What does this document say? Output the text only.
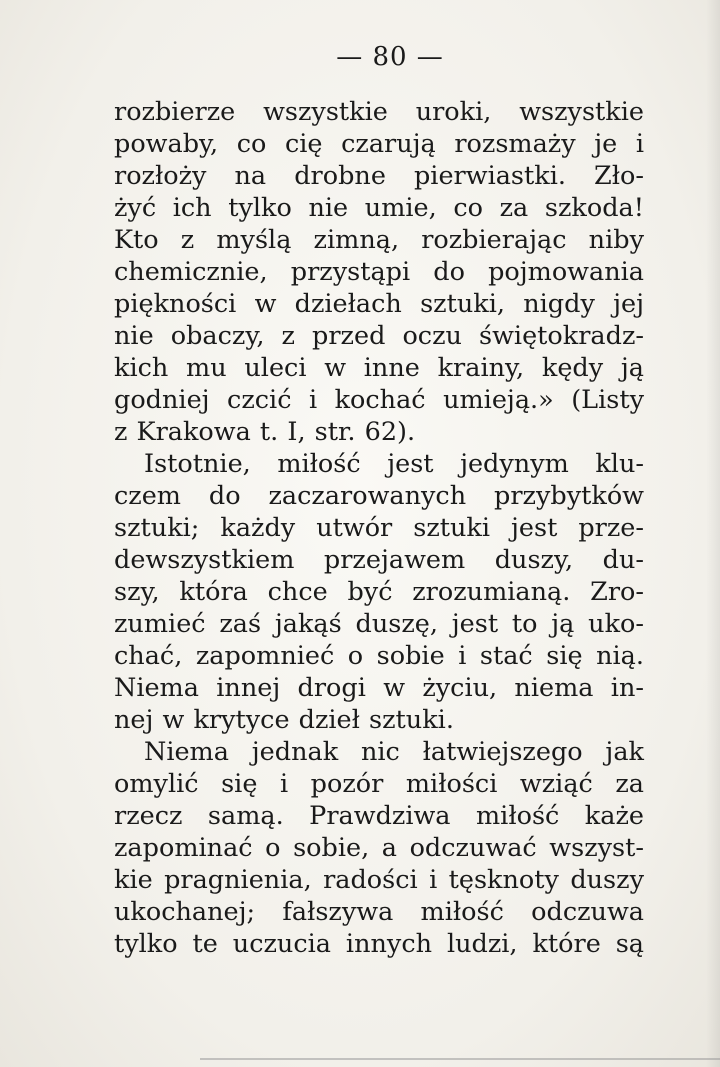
— 80 —
rozbierze wszystkie uroki, wszystkie
powaby, co cię czarują rozsmaży je i
rozłoży na drobne pierwiastki. Zło-
żyć ich tylko nie umie, co za szkoda!
Kto z myślą zimną, rozbierając niby
chemicznie, przystąpi do pojmowania
piękności w dziełach sztuki, nigdy jej
nie obaczy, z przed oczu świętokradz-
kich mu uleci w inne krainy, kędy ją
godniej czcić i kochać umieją.» (Listy
z Krakowa t. I, str. 62).
Istotnie, miłość jest jedynym klu-
czem do zaczarowanych przybytków
sztuki; każdy utwór sztuki jest prze-
dewszystkiem przejawem duszy, du-
szy, która chce być zrozumianą. Zro-
zumieć zaś jakąś duszę, jest to ją uko-
chać, zapomnieć o sobie i stać się nią.
Niema innej drogi w życiu, niema in-
nej w krytyce dzieł sztuki.
Niema jednak nic łatwiejszego jak
omylić się i pozór miłości wziąć za
rzecz samą. Prawdziwa miłość każe
zapominać o sobie, a odczuwać wszyst-
kie pragnienia, radości i tęsknoty duszy
ukochanej; fałszywa miłość odczuwa
tylko te uczucia innych ludzi, które są
